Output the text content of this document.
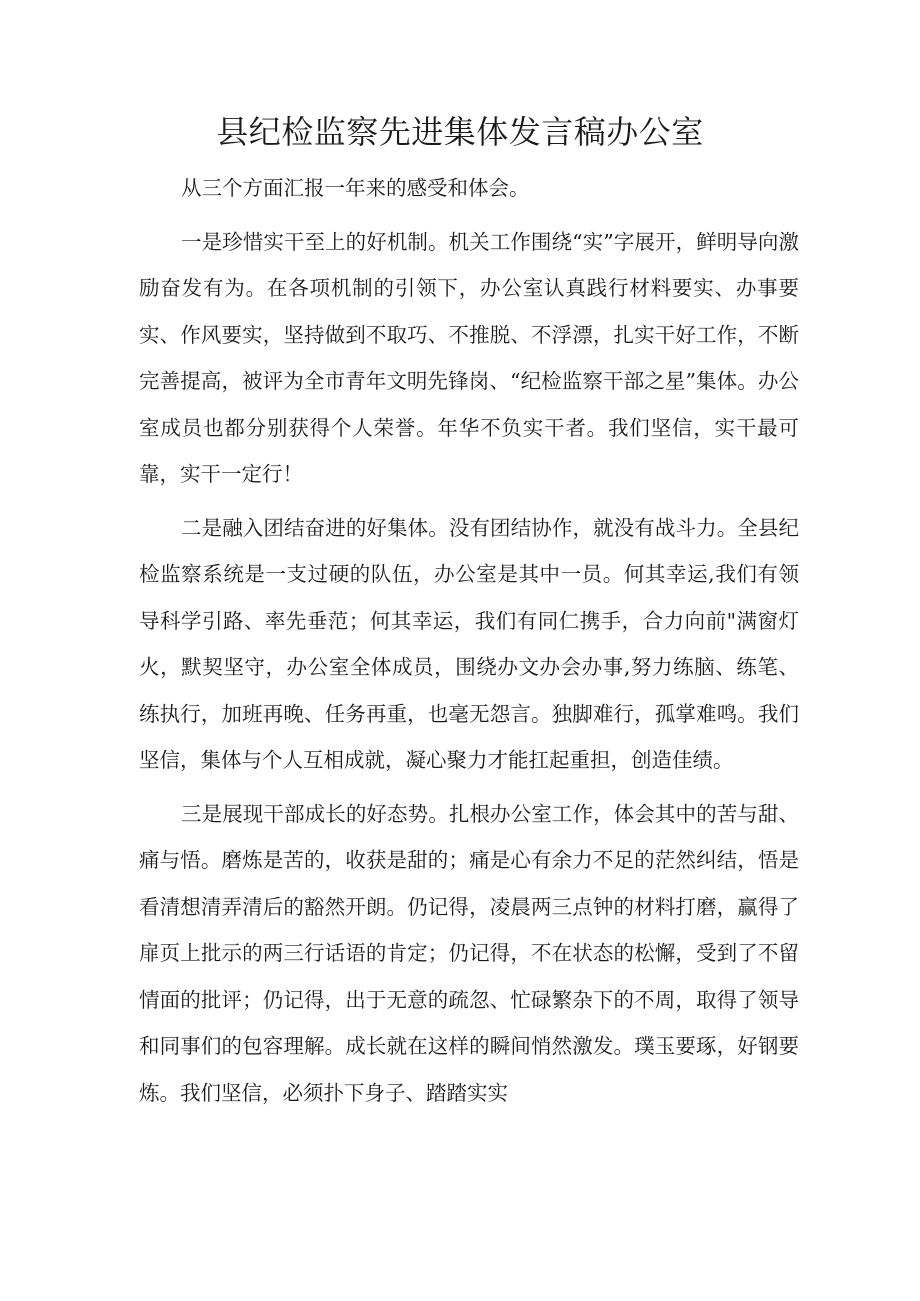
县纪检监察先进集体发言稿办公室

从三个方面汇报一年来的感受和体会。

一是珍惜实干至上的好机制。机关工作围绕“实”字展开，鲜明导向激励奋发有为。在各项机制的引领下，办公室认真践行材料要实、办事要实、作风要实，坚持做到不取巧、不推脱、不浮漂，扎实干好工作，不断完善提高，被评为全市青年文明先锋岗、“纪检监察干部之星”集体。办公室成员也都分别获得个人荣誉。年华不负实干者。我们坚信，实干最可靠，实干一定行！

二是融入团结奋进的好集体。没有团结协作，就没有战斗力。全县纪检监察系统是一支过硬的队伍，办公室是其中一员。何其幸运,我们有领导科学引路、率先垂范；何其幸运，我们有同仁携手，合力向前"满窗灯火，默契坚守，办公室全体成员，围绕办文办会办事,努力练脑、练笔、练执行，加班再晚、任务再重，也毫无怨言。独脚难行，孤掌难鸣。我们坚信，集体与个人互相成就，凝心聚力才能扛起重担，创造佳绩。

三是展现干部成长的好态势。扎根办公室工作，体会其中的苦与甜、痛与悟。磨炼是苦的，收获是甜的；痛是心有余力不足的茫然纠结，悟是看清想清弄清后的豁然开朗。仍记得，凌晨两三点钟的材料打磨，赢得了扉页上批示的两三行话语的肯定；仍记得，不在状态的松懈，受到了不留情面的批评；仍记得，出于无意的疏忽、忙碌繁杂下的不周，取得了领导和同事们的包容理解。成长就在这样的瞬间悄然激发。璞玉要琢，好钢要炼。我们坚信，必须扑下身子、踏踏实实
